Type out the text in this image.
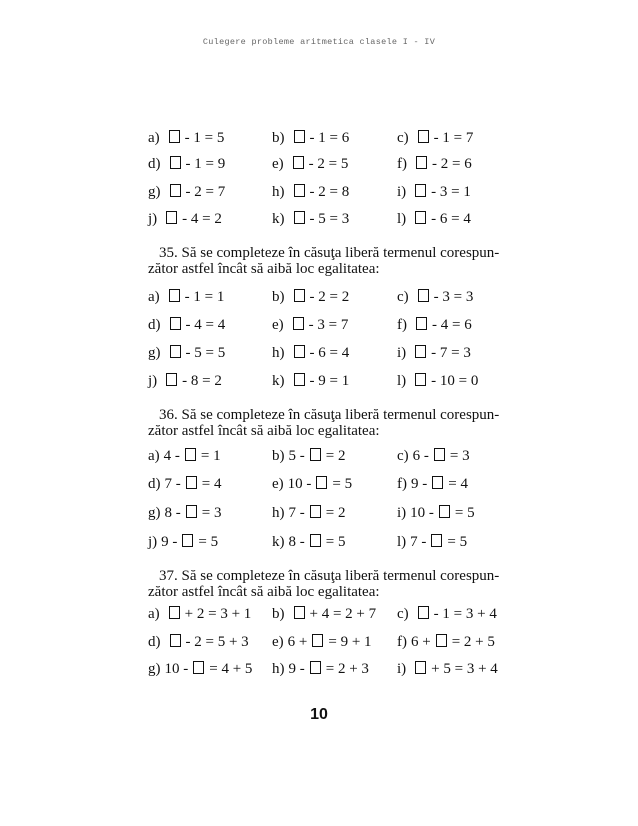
Culegere probleme aritmetica clasele I - IV
a) - 1 = 5	b) - 1 = 6	c) - 1 = 7
d) - 1 = 9	e) - 2 = 5	f) - 2 = 6
g) - 2 = 7	h) - 2 = 8	i) - 3 = 1
j) - 4 = 2	k) - 5 = 3	l) - 6 = 4
35. Să se completeze în căsuţa liberă termenul corespun-
zător astfel încât să aibă loc egalitatea:
a) - 1 = 1	b) - 2 = 2	c) - 3 = 3
d) - 4 = 4	e) - 3 = 7	f) - 4 = 6
g) - 5 = 5	h) - 6 = 4	i) - 7 = 3
j) - 8 = 2	k) - 9 = 1	l) - 10 = 0
36. Să se completeze în căsuţa liberă termenul corespun-
zător astfel încât să aibă loc egalitatea:
a) 4 - = 1	b) 5 - = 2	c) 6 - = 3
d) 7 - = 4	e) 10 - = 5	f) 9 - = 4
g) 8 - = 3	h) 7 - = 2	i) 10 - = 5
j) 9 - = 5	k) 8 - = 5	l) 7 - = 5
37. Să se completeze în căsuţa liberă termenul corespun-
zător astfel încât să aibă loc egalitatea:
a) + 2 = 3 + 1 b) + 4 = 2 + 7 c) - 1 = 3 + 4
d) - 2 = 5 + 3 e) 6 + = 9 + 1 f) 6 + = 2 + 5
g) 10 - = 4 + 5 h) 9 - = 2 + 3 i) + 5 = 3 + 4
10
